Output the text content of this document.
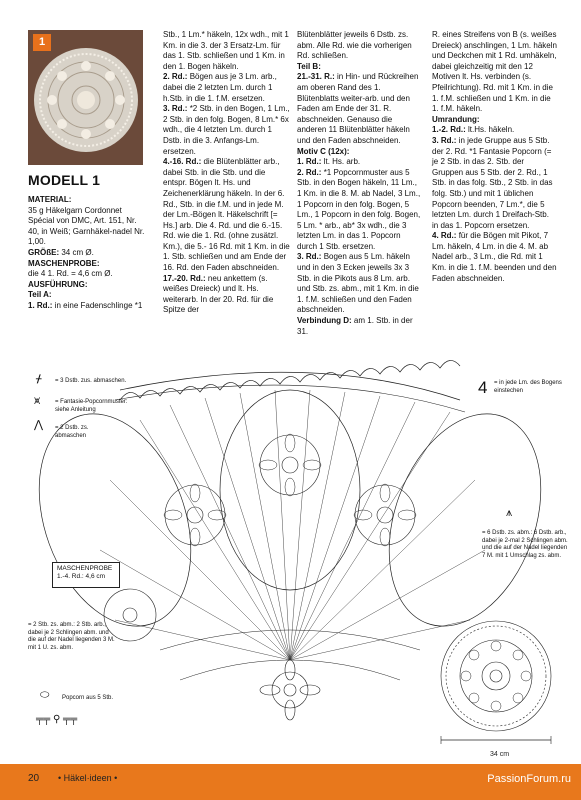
1
MODELL 1

MATERIAL:

35 g Häkelgarn Cordonnet Spécial von DMC, Art. 151, Nr. 40, in Weiß; Garnhäkel-nadel Nr. 1,00.

GRÖßE: 34 cm Ø.

MASCHENPROBE:

die 4 1. Rd. = 4,6 cm Ø.

AUSFÜHRUNG:

Teil A:

1. Rd.: in eine Fadenschlinge *1

Stb., 1 Lm.* häkeln, 12x wdh., mit 1 Km. in die 3. der 3 Ersatz-Lm. für das 1. Stb. schließen und 1 Km. in den 1. Bogen häkeln.

2. Rd.: Bögen aus je 3 Lm. arb., dabei die 2 letzten Lm. durch 1 h.Stb. in die 1. f.M. ersetzen.

3. Rd.: *2 Stb. in den Bogen, 1 Lm., 2 Stb. in den folg. Bogen, 8 Lm.* 6x wdh., die 4 letzten Lm. durch 1 Dstb. in die 3. Anfangs-Lm. ersetzen.

4.-16. Rd.: die Blütenblätter arb., dabei Stb. in die Stb. und die entspr. Bögen lt. Hs. und Zeichenerklärung häkeln. In der 6. Rd., Stb. in die f.M. und in jede M. der Lm.-Bögen lt. Häkelschrift [= Hs.] arb. Die 4. Rd. und die 6.-15. Rd. wie die 1. Rd. (ohne zusätzl. Km.), die 5.- 16 Rd. mit 1 Km. in die 1. Stb. schließen und am Ende der 16. Rd. den Faden abschneiden.

17.-20. Rd.: neu ankettem (s. weißes Dreieck) und lt. Hs. weiterarb. In der 20. Rd. für die Spitze der

Blütenblätter jeweils 6 Dstb. zs. abm. Alle Rd. wie die vorherigen Rd. schließen.

Teil B:

21.-31. R.: in Hin- und Rückreihen am oberen Rand des 1. Blütenblatts weiter-arb. und den Faden am Ende der 31. R. abschneiden. Genauso die anderen 11 Blütenblätter häkeln und den Faden abschneiden.

Motiv C (12x):

1. Rd.: lt. Hs. arb.

2. Rd.: *1 Popcornmuster aus 5 Stb. in den Bogen häkeln, 11 Lm., 1 Km. in die 8. M. ab Nadel, 3 Lm., 1 Popcorn in den folg. Bogen, 5 Lm., 1 Popcorn in den folg. Bogen, 5 Lm. * arb., ab* 3x wdh., die 3 letzten Lm. in das 1. Popcorn durch 1 Stb. ersetzen.

3. Rd.: Bogen aus 5 Lm. häkeln und in den 3 Ecken jeweils 3x 3 Stb. in die Pikots aus 8 Lm. arb. und Stb. zs. abm., mit 1 Km. in die 1. f.M. schließen und den Faden abschneiden.

Verbindung D: am 1. Stb. in der 31.

R. eines Streifens von B (s. weißes Dreieck) anschlingen, 1 Lm. häkeln und Deckchen mit 1 Rd. umhäkeln, dabei gleichzeitig mit den 12 Motiven lt. Hs. verbinden (s. Pfeilrichtung). Rd. mit 1 Km. in die 1. f.M. schließen und 1 Km. in die 1. f.M. häkeln.

Umrandung:

1.-2. Rd.: lt.Hs. häkeln.

3. Rd.: in jede Gruppe aus 5 Stb. der 2. Rd. *1 Fantasie Popcorn (= je 2 Stb. in das 2. Stb. der Gruppen aus 5 Stb. der 2. Rd., 1 Stb. in das folg. Stb., 2 Stb. in das folg. Stb.) und mit 1 üblichen Popcorn beenden, 7 Lm.*, die 5 letzten Lm. durch 1 Dreifach-Stb. in das 1. Popcorn ersetzen.

4. Rd.: für die Bögen mit Pikot, 7 Lm. häkeln, 4 Lm. in die 4. M. ab Nadel arb., 3 Lm., die Rd. mit 1 Km. in die 1. f.M. beenden und den Faden abschneiden.

34 cm
4
= 3 Dstb. zus. abmaschen.
ᚋ
= Fantasie-Popcornmuster: siehe Anleitung
⩙
= 2 Dstb. zs. abmaschen
⋀
MASCHENPROBE
1.-4. Rd.: 4,6 cm
= 2 Stb. zs. abm.: 2 Stb. arb., dabei je 2 Schlingen abm. und die auf der Nadel liegenden 3 M. mit 1 U. zs. abm.
⬭ Popcorn aus 5 Stb.
╤╤ ⚲ ╤╤
= in jede Lm. des Bogens einstechen
⩚
= 6 Dstb. zs. abm.: 6 Dstb. arb., dabei je 2-mal 2 Schlingen abm. und die auf der Nadel liegenden 7 M. mit 1 Umschlag zs. abm.
20 • Häkel·ideen •	PassionForum.ru
